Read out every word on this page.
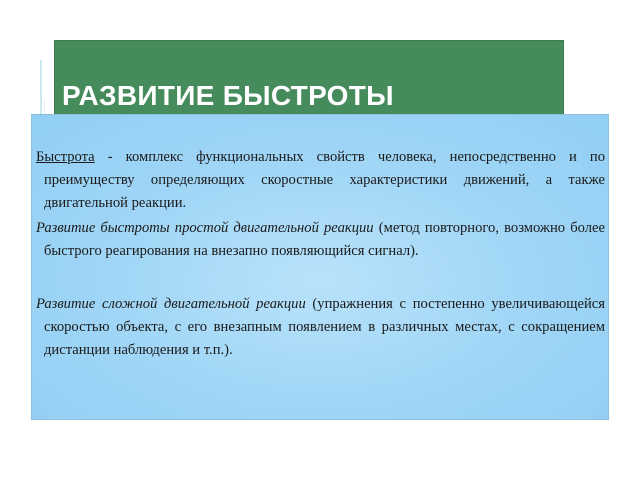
РАЗВИТИЕ БЫСТРОТЫ

Быстрота - комплекс функциональных свойств человека, непосредственно и по преимуществу определяющих скоростные характеристики движений, а также двигательной реакции.

Развитие быстроты простой двигательной реакции (метод повторного, возможно более быстрого реагирования на внезапно появляющийся сигнал).

Развитие сложной двигательной реакции (упражнения с постепенно увеличивающейся скоростью объекта, с его внезапным появлением в различных местах, с сокращением дистанции наблюдения и т.п.).
